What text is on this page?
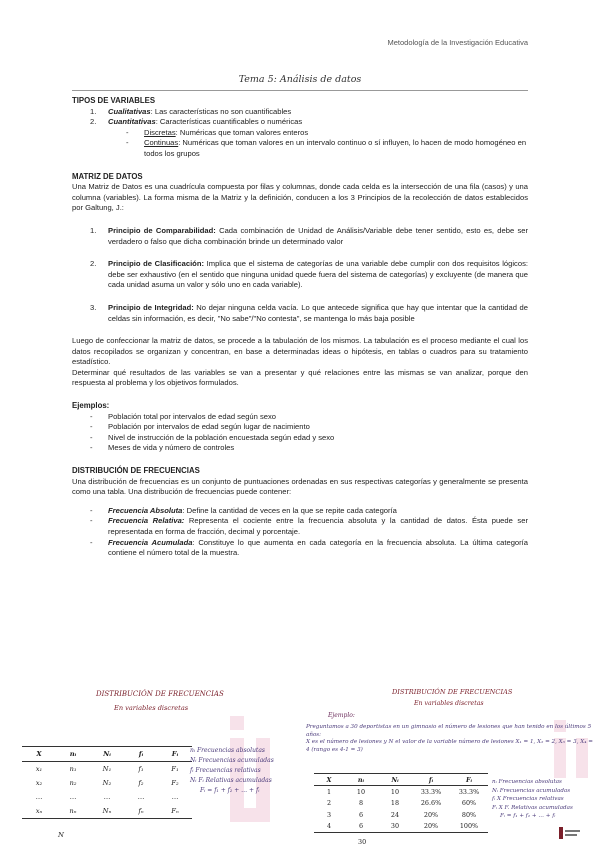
Metodología de la Investigación Educativa
Tema 5: Análisis de datos

TIPOS DE VARIABLES

1.	Cualitativas: Las características no son cuantificables
2.	Cuantitativas: Características cuantificables o numéricas
-	Discretas: Numéricas que toman valores enteros
-	Continuas: Numéricas que toman valores en un intervalo continuo o sí influyen, lo hacen de modo homogéneo en todos los grupos

MATRIZ DE DATOS

Una Matriz de Datos es una cuadrícula compuesta por filas y columnas, donde cada celda es la intersección de una fila (casos) y una columna (variables). La forma misma de la Matriz y la definición, conducen a los 3 Principios de la recolección de datos establecidos por Galtung, J.:

1.	Principio de Comparabilidad: Cada combinación de Unidad de Análisis/Variable debe tener sentido, esto es, debe ser verdadero o falso que dicha combinación brinde un determinado valor
2.	Principio de Clasificación: Implica que el sistema de categorías de una variable debe cumplir con dos requisitos lógicos: debe ser exhaustivo (en el sentido que ninguna unidad quede fuera del sistema de categorías) y excluyente (de manera que cada unidad asuma un valor y sólo uno en cada variable).
3.	Principio de Integridad: No dejar ninguna celda vacía. Lo que antecede significa que hay que intentar que la cantidad de celdas sin información, es decir, "No sabe"/"No contesta", se mantenga lo más baja posible

Luego de confeccionar la matriz de datos, se procede a la tabulación de los mismos. La tabulación es el proceso mediante el cual los datos recopilados se organizan y concentran, en base a determinadas ideas o hipótesis, en tablas o cuadros para su tratamiento estadístico.

Determinar qué resultados de las variables se van a presentar y qué relaciones entre las mismas se van analizar, porque den respuesta al problema y los objetivos formulados.

Ejemplos:

-	Población total por intervalos de edad según sexo
-	Población por intervalos de edad según lugar de nacimiento
-	Nivel de instrucción de la población encuestada según edad y sexo
-	Meses de vida y número de controles

DISTRIBUCIÓN DE FRECUENCIAS

Una distribución de frecuencias es un conjunto de puntuaciones ordenadas en sus respectivas categorías y generalmente se presenta como una tabla. Una distribución de frecuencias puede contener:

-	Frecuencia Absoluta: Define la cantidad de veces en la que se repite cada categoría
-	Frecuencia Relativa: Representa el cociente entre la frecuencia absoluta y la cantidad de datos. Ésta puede ser representada en forma de fracción, decimal y porcentaje.
-	Frecuencia Acumulada: Constituye lo que aumenta en cada categoría en la frecuencia absoluta. La última categoría contiene el número total de la muestra.
DISTRIBUCIÓN DE FRECUENCIAS
En variables discretas
DISTRIBUCIÓN DE FRECUENCIAS
En variables discretas
Ejemplo:
Preguntamos a 30 deportistas en un gimnasio el número de lesiones que han tenido en los últimos 5 años:
X es el número de lesiones y N el valor de la variable número de lesiones X₁ = 1, X₂ = 2, X₃ = 3, X₄ = 4 (rango es 4-1 = 3)
X	nᵢ	Nᵢ	fᵢ	Fᵢ
x₁	n₁	N₁	f₁	F₁
x₂	n₂	N₂	f₂	F₂
…	…	…	…	…
xₙ	nₙ	Nₙ	fₙ	Fₙ
N
nᵢ Frecuencias absolutas
Nᵢ Frecuencias acumuladas
fᵢ Frecuencias relativas
Nᵢ Fᵢ Relativas acumuladas
Fᵢ = f₁ + f₂ + … + fᵢ
X	nᵢ	Nᵢ	fᵢ	Fᵢ
1	10	10	33.3%	33.3%
2	8	18	26.6%	60%
3	6	24	20%	80%
4	6	30	20%	100%
30
nᵢ Frecuencias absolutas
Nᵢ Frecuencias acumuladas
fᵢ X Frecuencias relativas
Fᵢ X F. Relativas acumuladas
Fᵢ = f₁ + f₂ + … + fᵢ
